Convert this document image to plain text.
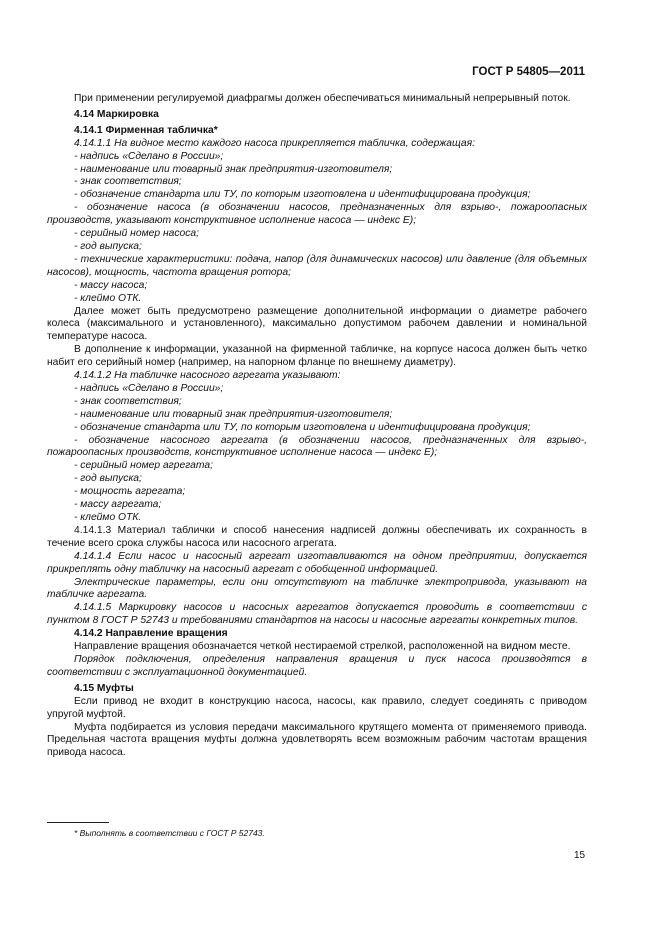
ГОСТ Р 54805—2011

При применении регулируемой диафрагмы должен обеспечиваться минимальный непрерывный поток.

4.14 Маркировка

4.14.1 Фирменная табличка*

4.14.1.1 На видное место каждого насоса прикрепляется табличка, содержащая:

- надпись «Сделано в России»;

- наименование или товарный знак предприятия-изготовителя;

- знак соответствия;

- обозначение стандарта или ТУ, по которым изготовлена и идентифицирована продукция;

- обозначение насоса (в обозначении насосов, предназначенных для взрыво-, пожароопасных производств, указывают конструктивное исполнение насоса — индекс Е);

- серийный номер насоса;

- год выпуска;

- технические характеристики: подача, напор (для динамических насосов) или давление (для объемных насосов), мощность, частота вращения ротора;

- массу насоса;

- клеймо ОТК.

Далее может быть предусмотрено размещение дополнительной информации о диаметре рабочего колеса (максимального и установленного), максимально допустимом рабочем давлении и номинальной температуре насоса.

В дополнение к информации, указанной на фирменной табличке, на корпусе насоса должен быть четко набит его серийный номер (например, на напорном фланце по внешнему диаметру).

4.14.1.2 На табличке насосного агрегата указывают:

- надпись «Сделано в России»;

- знак соответствия;

- наименование или товарный знак предприятия-изготовителя;

- обозначение стандарта или ТУ, по которым изготовлена и идентифицирована продукция;

- обозначение насосного агрегата (в обозначении насосов, предназначенных для взрыво-, пожароопасных производств, конструктивное исполнение насоса — индекс Е);

- серийный номер агрегата;

- год выпуска;

- мощность агрегата;

- массу агрегата;

- клеймо ОТК.

4.14.1.3 Материал таблички и способ нанесения надписей должны обеспечивать их сохранность в течение всего срока службы насоса или насосного агрегата.

4.14.1.4 Если насос и насосный агрегат изготавливаются на одном предприятии, допускается прикреплять одну табличку на насосный агрегат с обобщенной информацией.

Электрические параметры, если они отсутствуют на табличке электропривода, указывают на табличке агрегата.

4.14.1.5 Маркировку насосов и насосных агрегатов допускается проводить в соответствии с пунктом 8 ГОСТ Р 52743 и требованиями стандартов на насосы и насосные агрегаты конкретных типов.

4.14.2 Направление вращения

Направление вращения обозначается четкой нестираемой стрелкой, расположенной на видном месте.

Порядок подключения, определения направления вращения и пуск насоса производятся в соответствии с эксплуатационной документацией.

4.15 Муфты

Если привод не входит в конструкцию насоса, насосы, как правило, следует соединять с приводом упругой муфтой.

Муфта подбирается из условия передачи максимального крутящего момента от применяемого привода. Предельная частота вращения муфты должна удовлетворять всем возможным рабочим частотам вращения привода насоса.

* Выполнять в соответствии с ГОСТ Р 52743.
15
